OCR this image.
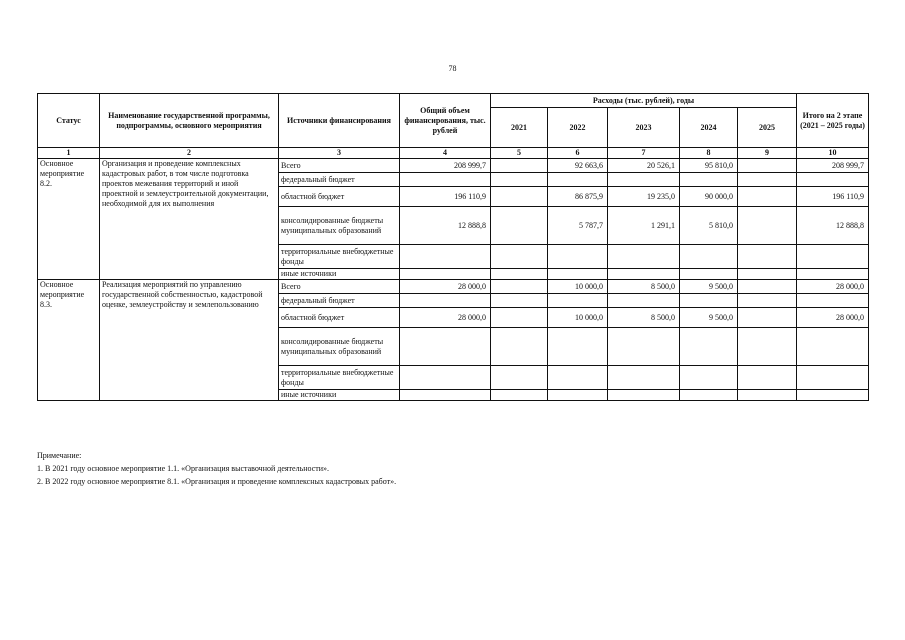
78
Статус	Наименование государственной программы, подпрограммы, основного мероприятия	Источники финансирования	Общий объем финансирования, тыс. рублей	Расходы (тыс. рублей), годы					Итого на 2 этапе (2021 – 2025 годы)
				2021	2022	2023	2024	2025	
1	2	3	4	5	6	7	8	9	10
Основное мероприятие 8.2.	Организация и проведение комплексных кадастровых работ, в том числе подготовка проектов межевания территорий и иной проектной и землеустроительной документации, необходимой для их выполнения	Всего	208 999,7		92 663,6	20 526,1	95 810,0		208 999,7
		федеральный бюджет							
		областной бюджет	196 110,9		86 875,9	19 235,0	90 000,0		196 110,9
		консолидированные бюджеты муниципальных образований	12 888,8		5 787,7	1 291,1	5 810,0		12 888,8
		территориальные внебюджетные фонды							
		иные источники							
Основное мероприятие 8.3.	Реализация мероприятий по управлению государственной собственностью, кадастровой оценке, землеустройству и землепользованию	Всего	28 000,0		10 000,0	8 500,0	9 500,0		28 000,0
		федеральный бюджет							
		областной бюджет	28 000,0		10 000,0	8 500,0	9 500,0		28 000,0
		консолидированные бюджеты муниципальных образований							
		территориальные внебюджетные фонды							
		иные источники							
Примечание:
1. В 2021 году основное мероприятие 1.1. «Организация выставочной деятельности».
2. В 2022 году основное мероприятие 8.1. «Организация и проведение комплексных кадастровых работ».
